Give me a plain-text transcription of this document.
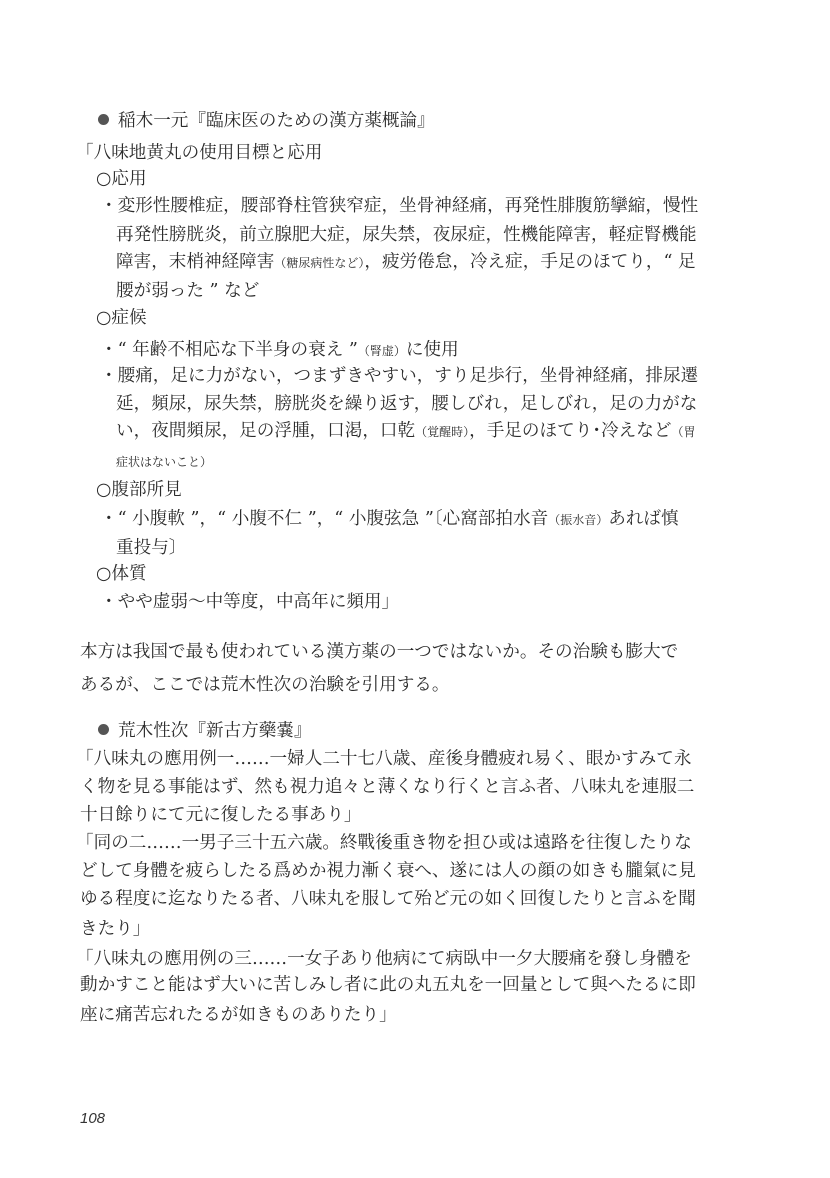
稲木一元『臨床医のための漢方薬概論』
「八味地黄丸の使用目標と応用
○応用
・変形性腰椎症，腰部脊柱管狭窄症，坐骨神経痛，再発性腓腹筋攣縮，慢性
再発性膀胱炎，前立腺肥大症，尿失禁，夜尿症，性機能障害，軽症腎機能
障害，末梢神経障害（糖尿病性など），疲労倦怠，冷え症，手足のほてり，“ 足
腰が弱った ” など
○症候
・“ 年齢不相応な下半身の衰え ”（腎虚）に使用
・腰痛，足に力がない，つまずきやすい，すり足歩行，坐骨神経痛，排尿遷
延，頻尿，尿失禁，膀胱炎を繰り返す，腰しびれ，足しびれ，足の力がな
い，夜間頻尿，足の浮腫，口渇，口乾（覚醒時），手足のほてり･冷えなど（胃
症状はないこと）
○腹部所見
・“ 小腹軟 ”，“ 小腹不仁 ”，“ 小腹弦急 ”〔心窩部拍水音（振水音）あれば慎
重投与〕
○体質
・やや虚弱〜中等度，中高年に頻用」
本方は我国で最も使われている漢方薬の一つではないか。その治験も膨大で
あるが、ここでは荒木性次の治験を引用する。
荒木性次『新古方藥嚢』
「八味丸の應用例一……一婦人二十七八歳、産後身體疲れ易く、眼かすみて永
く物を見る事能はず、然も視力追々と薄くなり行くと言ふ者、八味丸を連服二
十日餘りにて元に復したる事あり」
「同の二……一男子三十五六歳。終戰後重き物を担ひ或は遠路を往復したりな
どして身體を疲らしたる爲めか視力漸く衰へ、遂には人の顔の如きも朧氣に見
ゆる程度に迄なりたる者、八味丸を服して殆ど元の如く回復したりと言ふを聞
きたり」
「八味丸の應用例の三……一女子あり他病にて病臥中一夕大腰痛を發し身體を
動かすこと能はず大いに苦しみし者に此の丸五丸を一回量として與へたるに即
座に痛苦忘れたるが如きものありたり」
108
